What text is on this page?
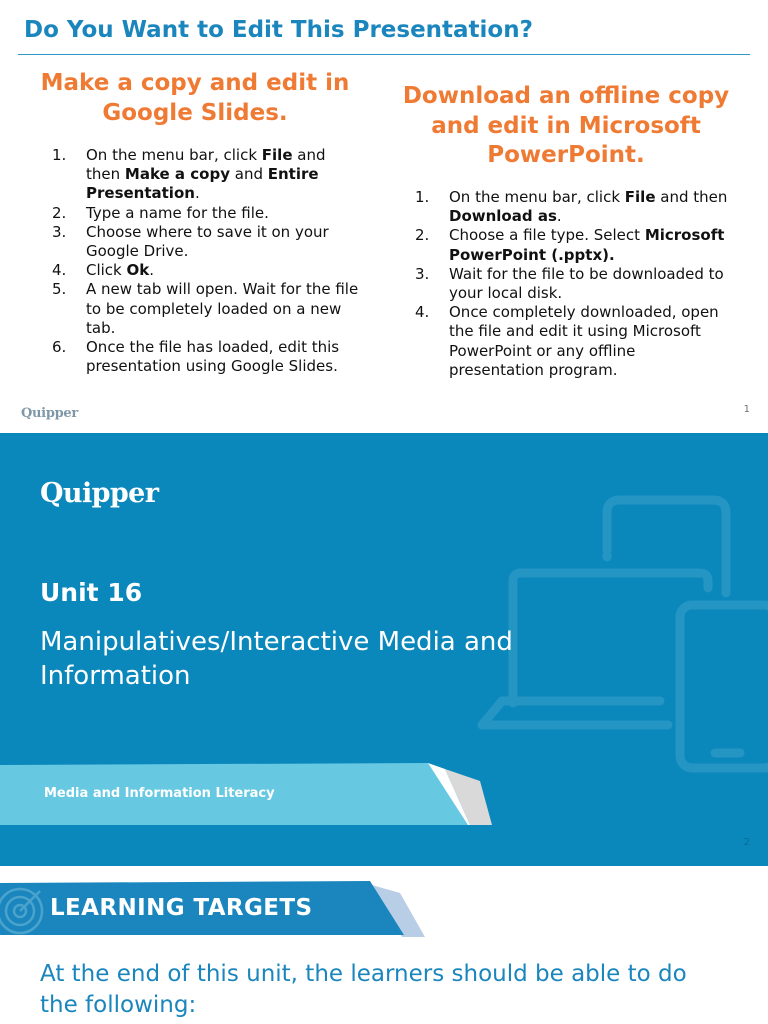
Do You Want to Edit This Presentation?
Make a copy and edit in Google Slides.
1. On the menu bar, click File and then Make a copy and Entire Presentation.
2. Type a name for the file.
3. Choose where to save it on your Google Drive.
4. Click Ok.
5. A new tab will open. Wait for the file to be completely loaded on a new tab.
6. Once the file has loaded, edit this presentation using Google Slides.
Download an offline copy and edit in Microsoft PowerPoint.
1. On the menu bar, click File and then Download as.
2. Choose a file type. Select Microsoft PowerPoint (.pptx).
3. Wait for the file to be downloaded to your local disk.
4. Once completely downloaded, open the file and edit it using Microsoft PowerPoint or any offline presentation program.
Quipper	1
Quipper
Unit 16
Manipulatives/Interactive Media and Information
Media and Information Literacy
2
LEARNING TARGETS
At the end of this unit, the learners should be able to do the following:
